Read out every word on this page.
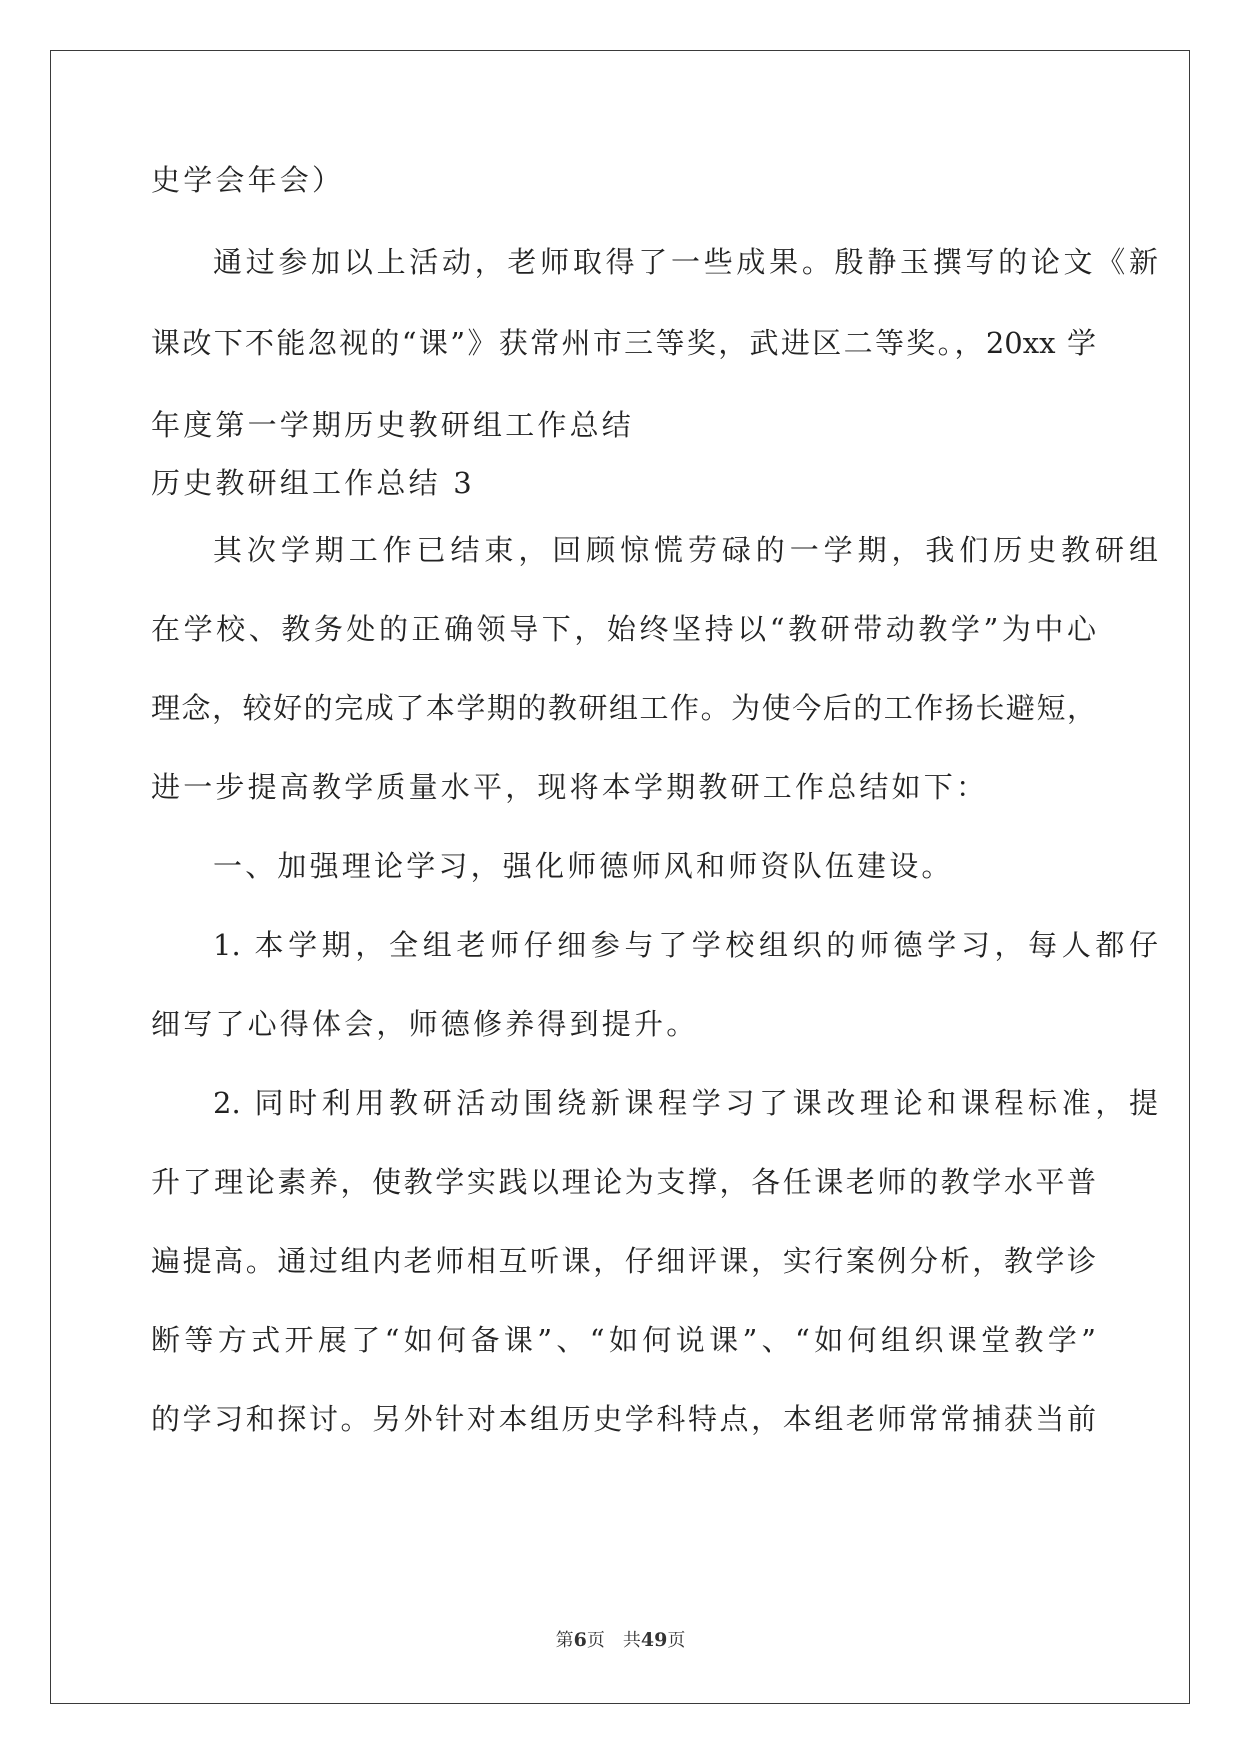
史学会年会）
通过参加以上活动，老师取得了一些成果。殷静玉撰写的论文《新
课改下不能忽视的“课”》获常州市三等奖，武进区二等奖。，20xx 学
年度第一学期历史教研组工作总结
历史教研组工作总结 3
其次学期工作已结束，回顾惊慌劳碌的一学期，我们历史教研组
在学校、教务处的正确领导下，始终坚持以“教研带动教学”为中心
理念，较好的完成了本学期的教研组工作。为使今后的工作扬长避短，
进一步提高教学质量水平，现将本学期教研工作总结如下：
一、加强理论学习，强化师德师风和师资队伍建设。
1. 本学期，全组老师仔细参与了学校组织的师德学习，每人都仔
细写了心得体会，师德修养得到提升。
2. 同时利用教研活动围绕新课程学习了课改理论和课程标准，提
升了理论素养，使教学实践以理论为支撑，各任课老师的教学水平普
遍提高。通过组内老师相互听课，仔细评课，实行案例分析，教学诊
断等方式开展了“如何备课”、“如何说课”、“如何组织课堂教学”
的学习和探讨。另外针对本组历史学科特点，本组老师常常捕获当前
第6页 共49页
